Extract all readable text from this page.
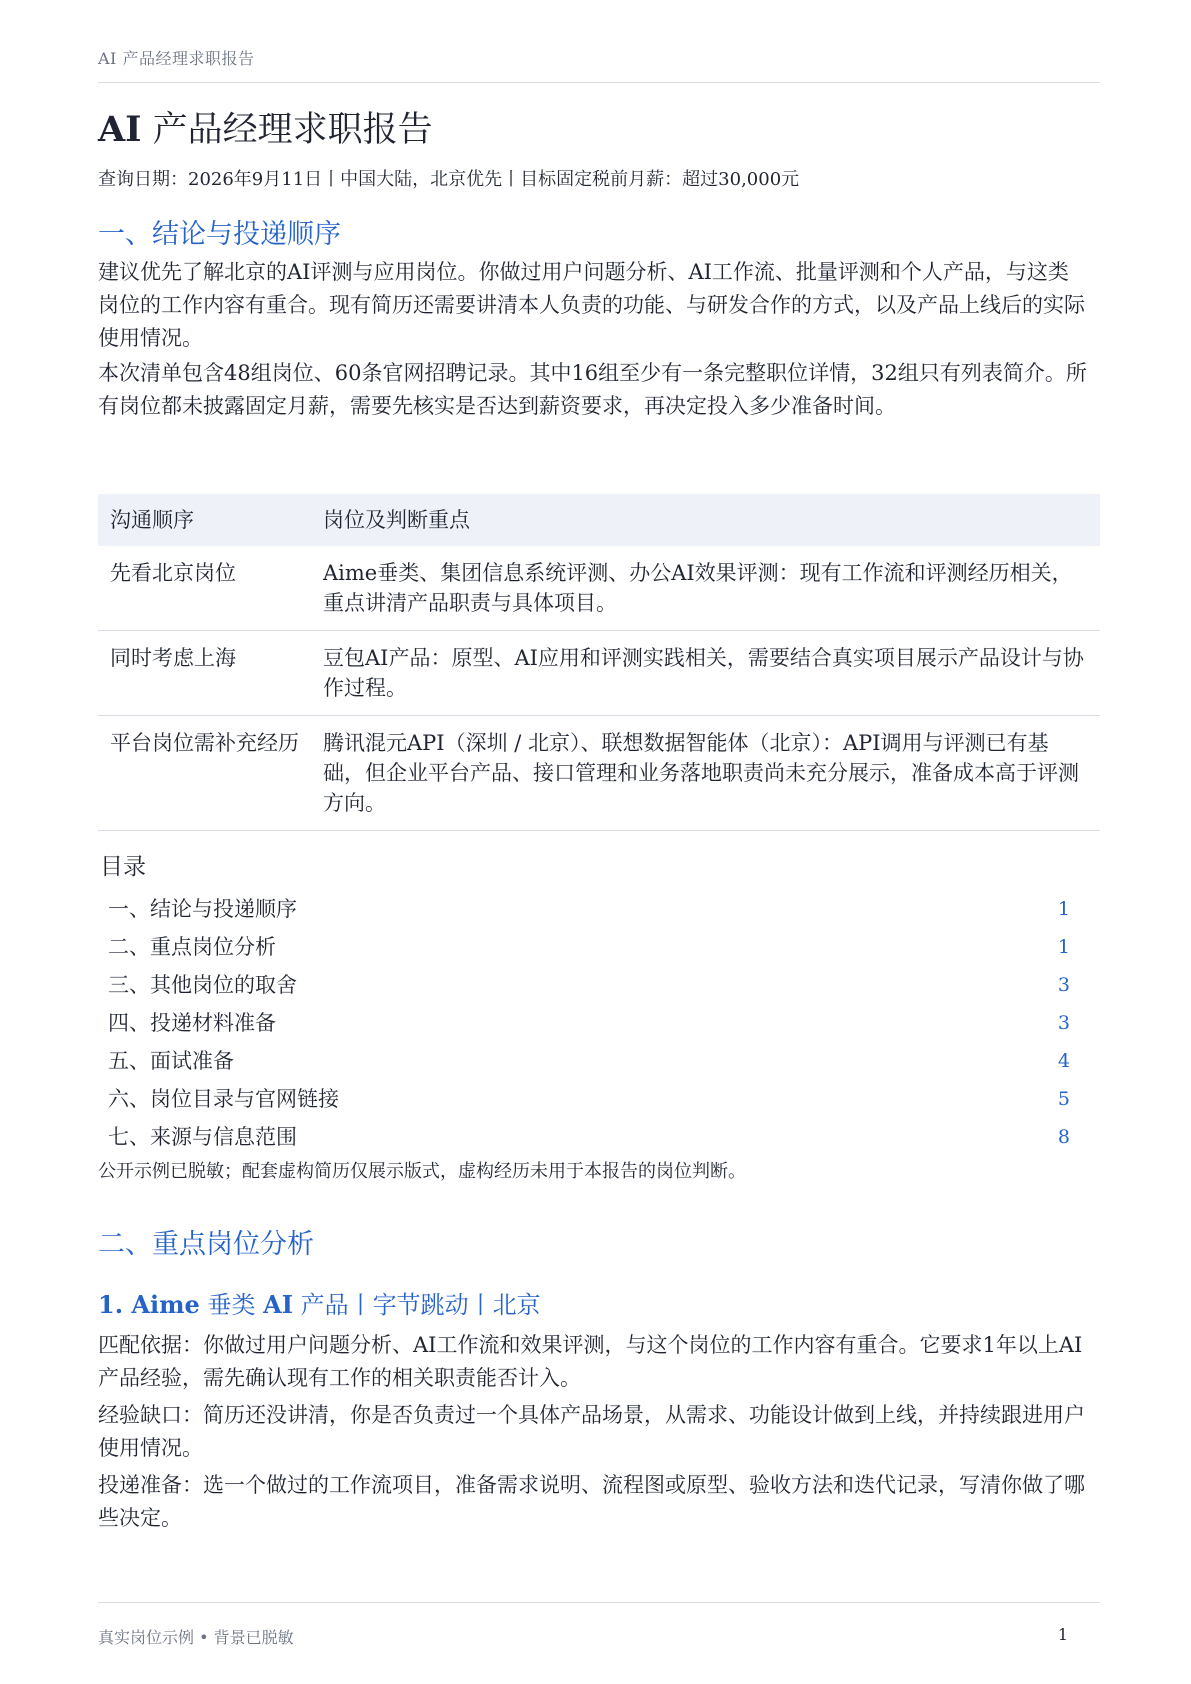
AI 产品经理求职报告
AI 产品经理求职报告
查询日期：2026年9月11日丨中国大陆，北京优先丨目标固定税前月薪：超过30,000元
一、结论与投递顺序

建议优先了解北京的AI评测与应用岗位。你做过用户问题分析、AI工作流、批量评测和个人产品，与这类岗位的工作内容有重合。现有简历还需要讲清本人负责的功能、与研发合作的方式，以及产品上线后的实际使用情况。

本次清单包含48组岗位、60条官网招聘记录。其中16组至少有一条完整职位详情，32组只有列表简介。所有岗位都未披露固定月薪，需要先核实是否达到薪资要求，再决定投入多少准备时间。

沟通顺序	岗位及判断重点
先看北京岗位	Aime垂类、集团信息系统评测、办公AI效果评测：现有工作流和评测经历相关，重点讲清产品职责与具体项目。
同时考虑上海	豆包AI产品：原型、AI应用和评测实践相关，需要结合真实项目展示产品设计与协作过程。
平台岗位需补充经历	腾讯混元API（深圳 / 北京）、联想数据智能体（北京）：API调用与评测已有基础，但企业平台产品、接口管理和业务落地职责尚未充分展示，准备成本高于评测方向。
目录
一、结论与投递顺序	1
二、重点岗位分析	1
三、其他岗位的取舍	3
四、投递材料准备	3
五、面试准备	4
六、岗位目录与官网链接	5
七、来源与信息范围	8
公开示例已脱敏；配套虚构简历仅展示版式，虚构经历未用于本报告的岗位判断。
二、重点岗位分析
1. Aime 垂类 AI 产品丨字节跳动丨北京

匹配依据：你做过用户问题分析、AI工作流和效果评测，与这个岗位的工作内容有重合。它要求1年以上AI产品经验，需先确认现有工作的相关职责能否计入。

经验缺口：简历还没讲清，你是否负责过一个具体产品场景，从需求、功能设计做到上线，并持续跟进用户使用情况。

投递准备：选一个做过的工作流项目，准备需求说明、流程图或原型、验收方法和迭代记录，写清你做了哪些决定。

真实岗位示例 • 背景已脱敏	1
